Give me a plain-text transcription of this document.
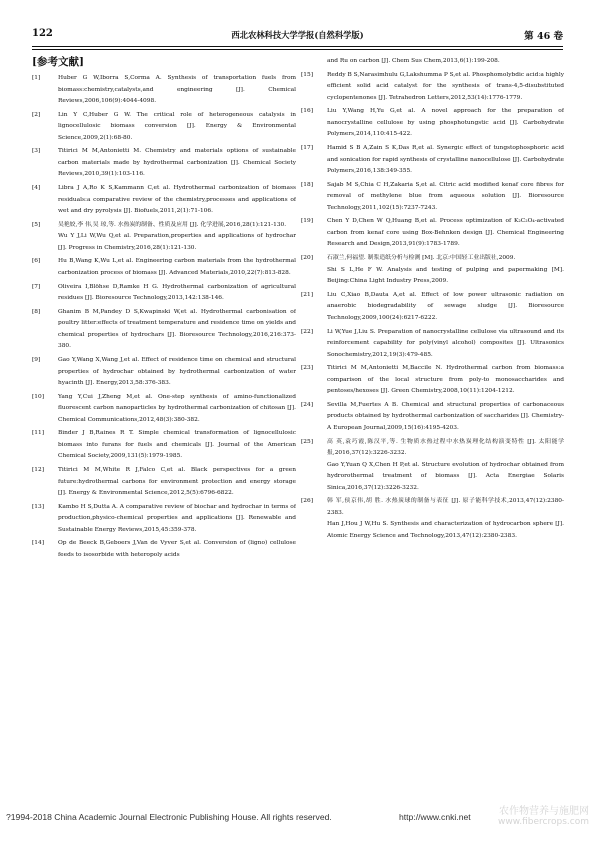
122	西北农林科技大学学报(自然科学版)	第 46 卷
[参考文献]
[1]	Huber G W,Iborra S,Corma A. Synthesis of transportation fuels from biomass:chemistry,catalysts,and engineering [J]. Chemical Reviews,2006,106(9):4044-4098.
[2]	Lin Y C,Huber G W. The critical role of heterogeneous catalysis in lignocellulosic biomass conversion [J]. Energy & Environmental Science,2009,2(1):68-80.
[3]	Titirici M M,Antonietti M. Chemistry and materials options of sustainable carbon materials made by hydrothermal carbonization [J]. Chemical Society Reviews,2010,39(1):103-116.
[4]	Libra J A,Ro K S,Kammann C,et al. Hydrothermal carbonization of biomass residuals:a comparative review of the chemistry,processes and applications of wet and dry pyrolysis [J]. Biofuels,2011,2(1):71-106.
[5]	吴艳姣,李 伟,吴 琼,等. 水热炭的制备、性质及应用 [J]. 化学进展,2016,28(1):121-130.
Wu Y J,Li W,Wu Q,et al. Preparation,properties and applications of hydrochar [J]. Progress in Chemistry,2016,28(1):121-130.
[6]	Hu B,Wang K,Wu L,et al. Engineering carbon materials from the hydrothermal carbonization process of biomass [J]. Advanced Materials,2010,22(7):813-828.
[7]	Oliveira I,Blöhse D,Ramke H G. Hydrothermal carbonization of agricultural residues [J]. Bioresource Technology,2013,142:138-146.
[8]	Ghanim B M,Pandey D S,Kwapinski W,et al. Hydrothermal carbonisation of poultry litter:effects of treatment temperature and residence time on yields and chemical properties of hydrochars [J]. Bioresource Technology,2016,216:373-380.
[9]	Gao Y,Wang X,Wang J,et al. Effect of residence time on chemical and structural properties of hydrochar obtained by hydrothermal carbonization of water hyacinth [J]. Energy,2013,58:376-383.
[10] Yang Y,Cui J,Zheng M,et al. One-step synthesis of amino-functionalized fluorescent carbon nanoparticles by hydrothermal carbonization of chitosan [J]. Chemical Communications,2012,48(3):380-382.
[11] Binder J B,Raines R T. Simple chemical transformation of lignocellulosic biomass into furans for fuels and chemicals [J]. Journal of the American Chemical Society,2009,131(5):1979-1985.
[12] Titirici M M,White R J,Falco C,et al. Black perspectives for a green future:hydrothermal carbons for environment protection and energy storage [J]. Energy & Environmental Science,2012,5(5):6796-6822.
[13] Kambo H S,Dutta A. A comparative review of biochar and hydrochar in terms of production,physico-chemical properties and applications [J]. Renewable and Sustainable Energy Reviews,2015,45:359-378.
[14] Op de Beeck B,Geboers J,Van de Vyver S,et al. Conversion of (ligno) cellulose feeds to isosorbide with heteropoly acids
and Ru on carbon [J]. Chem Sus Chem,2013,6(1):199-208.
[15] Reddy B S,Narasimhulu G,Lakshumma P S,et al. Phosphomolybdic acid:a highly efficient solid acid catalyst for the synthesis of trans-4,5-disubstituted cyclopentenones [J]. Tetrahedron Letters,2012,53(14):1776-1779.
[16] Liu Y,Wang H,Yu G,et al. A novel approach for the preparation of nanocrystalline cellulose by using phosphotungstic acid [J]. Carbohydrate Polymers,2014,110:415-422.
[17] Hamid S B A,Zain S K,Das R,et al. Synergic effect of tungstophosphoric acid and sonication for rapid synthesis of crystalline nanocellulose [J]. Carbohydrate Polymers,2016,138:349-355.
[18] Sajab M S,Chia C H,Zakaria S,et al. Citric acid modified kenaf core fibres for removal of methylene blue from aqueous solution [J]. Bioresource Technology,2011,102(15):7237-7243.
[19] Chen Y D,Chen W Q,Huang B,et al. Process optimization of K₂C₂O₄-activated carbon from kenaf core using Box-Behnken design [J]. Chemical Engineering Research and Design,2013,91(9):1783-1789.
[20] 石淑兰,何福望. 制浆造纸分析与检测 [M]. 北京:中国轻工业出版社,2009.
Shi S L,He F W. Analysis and testing of pulping and papermaking [M]. Beijing:China Light Industry Press,2009.
[21] Liu C,Xiao B,Dauta A,et al. Effect of low power ultrasonic radiation on anaerobic biodegradability of sewage sludge [J]. Bioresource Technology,2009,100(24):6217-6222.
[22] Li W,Yue J,Liu S. Preparation of nanocrystalline cellulose via ultrasound and its reinforcement capability for poly(vinyl alcohol) composites [J]. Ultrasonics Sonochemistry,2012,19(3):479-485.
[23] Titirici M M,Antonietti M,Baccile N. Hydrothermal carbon from biomass:a comparison of the local structure from poly-to monosaccharides and pentoses/hexoses [J]. Green Chemistry,2008,10(11):1204-1212.
[24] Sevilla M,Fuertes A B. Chemical and structural properties of carbonaceous products obtained by hydrothermal carbonization of saccharides [J]. Chemistry-A European Journal,2009,15(16):4195-4203.
[25] 高 英,袁巧霞,陈汉平,等. 生物质水热过程中水热炭理化结构演变特性 [J]. 太阳能学报,2016,37(12):3226-3232.
Gao Y,Yuan Q X,Chen H P,et al. Structure evolution of hydrochar obtained from hydrorothermal treatment of biomass [J]. Acta Energiae Solaris Sinica,2016,37(12):3226-3232.
[26] 韩 军,侯京伟,胡 胜. 水热炭球的制备与表征 [J]. 原子能科学技术,2013,47(12):2380-2383.
Han J,Hou J W,Hu S. Synthesis and characterization of hydrocarbon sphere [J]. Atomic Energy Science and Technology,2013,47(12):2380-2383.
?1994-2018 China Academic Journal Electronic Publishing House. All rights reserved.	http://www.cnki.net	农作物营养与施肥网
www.fibercrops.com
